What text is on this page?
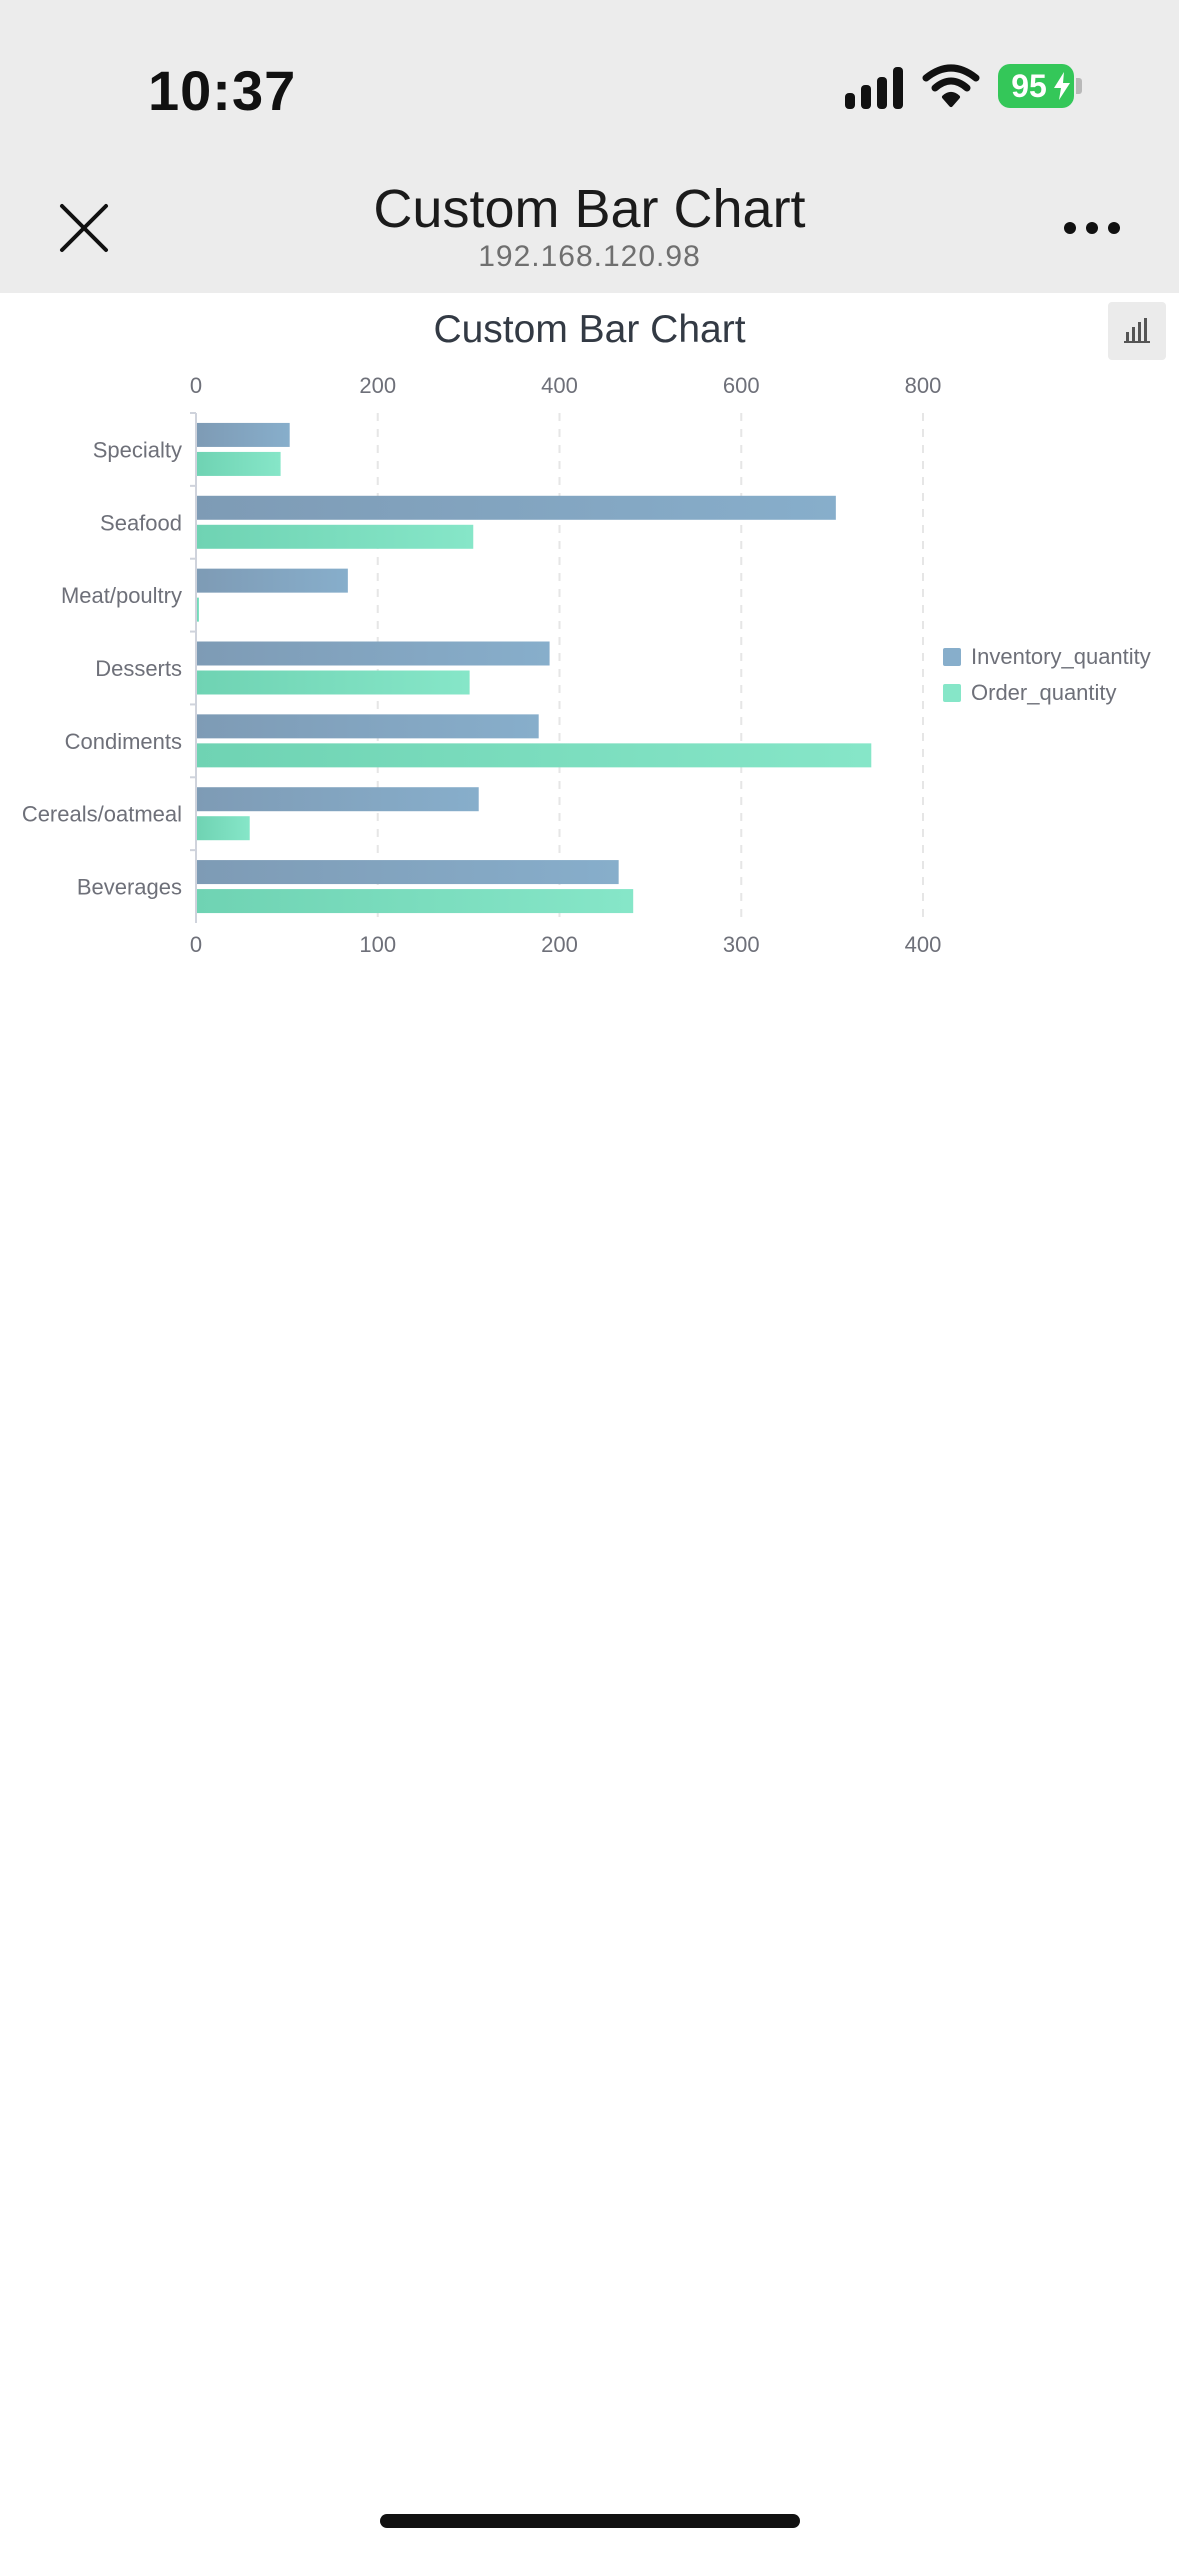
10:37	95
Custom Bar Chart
192.168.120.98
Custom Bar Chart
0	200	400	600	800
0	100	200	300	400
Beverages
Cereals/oatmeal
Condiments
Desserts
Meat/poultry
Seafood
Specialty
Inventory_quantity
Order_quantity
